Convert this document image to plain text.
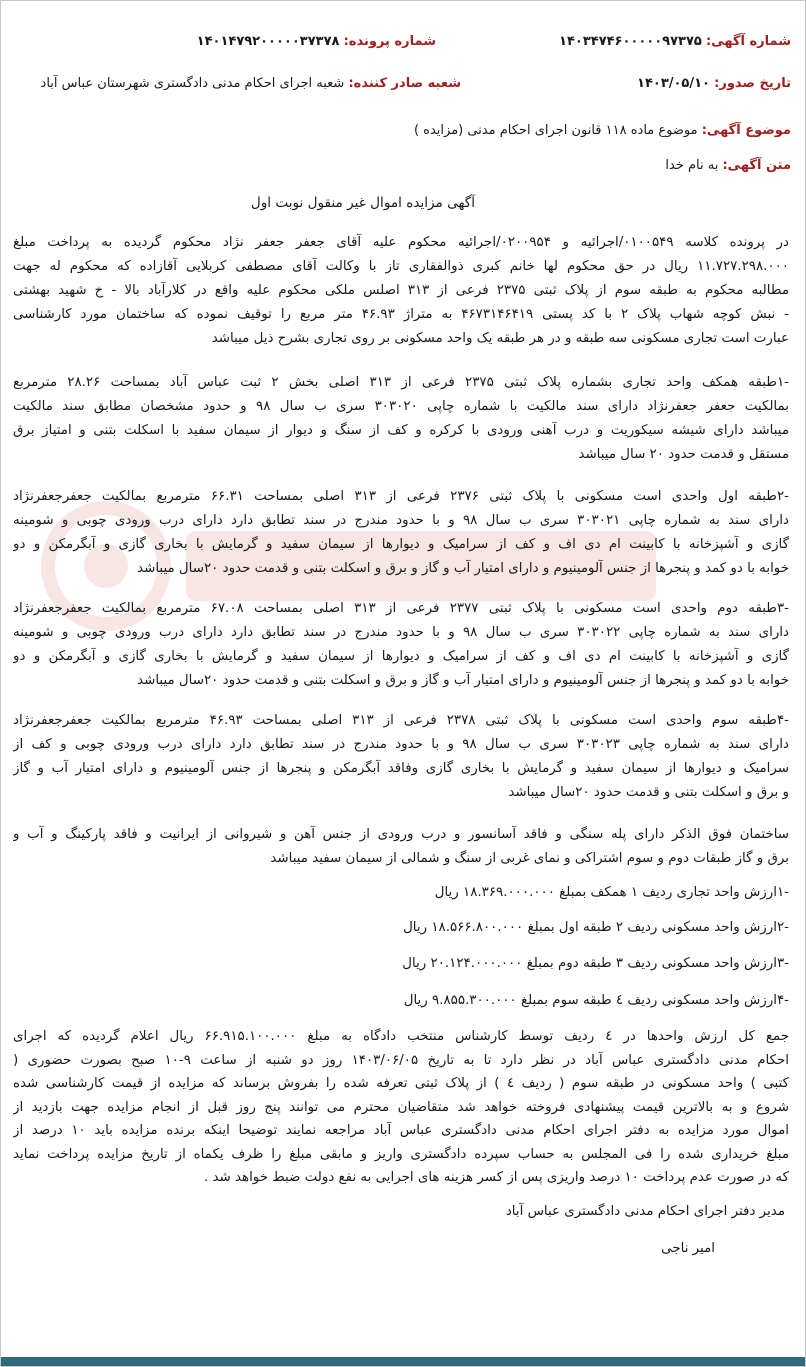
شماره آگهی: ۱۴۰۳۴۷۴۶۰۰۰۰۰۹۷۳۷۵
شماره پرونده: ۱۴۰۱۴۷۹۲۰۰۰۰۰۳۷۳۷۸
تاریخ صدور: ۱۴۰۳/۰۵/۱۰
شعبه صادر کننده: شعبه اجرای احکام مدنی دادگستری شهرستان عباس آباد
موضوع آگهی: موضوع ماده ۱۱۸ قانون اجرای احکام مدنی (مزایده )
متن آگهی: به نام خدا
آگهی مزایده اموال غیر منقول نوبت اول
در پرونده کلاسه ۰۱۰۰۵۴۹/اجرائیه و ۰۲۰۰۹۵۴/اجرائیه محکوم علیه آقای جعفر جعفر نژاد محکوم گردیده به پرداخت مبلغ
۱۱.۷۲۷.۲۹۸.۰۰۰ ریال در حق محکوم لها خانم کبری ذوالفقاری تاز با وکالت آقای مصطفی کربلایی آقازاده که محکوم له جهت
مطالبه محکوم به طبقه سوم از پلاک ثبتی ۲۳۷۵ فرعی از ۳۱۳ اصلس ملکی محکوم علیه واقع در کلارآباد بالا - خ شهید بهشتی
- نبش کوچه شهاب پلاک ۲ با کد پستی ۴۶۷۳۱۴۶۴۱۹ به متراژ ۴۶.۹۳ متر مربع را توقیف نموده که ساختمان مورد کارشناسی
عبارت است تجاری مسکونی سه طبقه و در هر طبقه یک واحد مسکونی بر روی تجاری بشرح ذیل میباشد
-۱طبقه همکف واحد تجاری بشماره پلاک ثبتی ۲۳۷۵ فرعی از ۳۱۳ اصلی بخش ۲ ثبت عباس آباد بمساحت ۲۸.۲۶ مترمربع
بمالکیت جعفر جعفرنژاد دارای سند مالکیت با شماره چاپی ۳۰۳۰۲۰ سری ب سال ۹۸ و حدود مشخصان مطابق سند مالکیت
میباشد دارای شیشه سیکوریت و درب آهنی ورودی با کرکره و کف از سنگ و دیوار از سیمان سفید با اسکلت بتنی و امتیاز برق
مستقل و قدمت حدود ۲۰ سال میباشد
-۲طبقه اول واحدی است مسکونی با پلاک ثبتی ۲۳۷۶ فرعی از ۳۱۳ اصلی بمساحت ۶۶.۳۱ مترمربع بمالکیت جعفرجعفرنژاد
دارای سند به شماره چاپی ۳۰۳۰۲۱ سری ب سال ۹۸ و با حدود مندرج در سند تطابق دارد دارای درب ورودی چوبی و شومینه
گازی و آشپزخانه با کابینت ام دی اف و کف از سرامیک و دیوارها از سیمان سفید و گرمایش با بخاری گازی و آبگرمکن و دو
خوابه با دو کمد و پنجرها از جنس آلومینیوم و دارای امتیار آب و گاز و برق و اسکلت بتنی و قدمت حدود ۲۰سال میباشد
-۳طبقه دوم واحدی است مسکونی با پلاک ثبتی ۲۳۷۷ فرعی از ۳۱۳ اصلی بمساحت ۶۷.۰۸ مترمربع بمالکیت جعفرجعفرنژاد
دارای سند به شماره چاپی ۳۰۳۰۲۲ سری ب سال ۹۸ و با حدود مندرج در سند تطابق دارد دارای درب ورودی چوبی و شومینه
گازی و آشپزخانه با کابینت ام دی اف و کف از سرامیک و دیوارها از سیمان سفید و گرمایش با بخاری گازی و آبگرمکن و دو
خوابه با دو کمد و پنجرها از جنس آلومینیوم و دارای امتیار آب و گاز و برق و اسکلت بتنی و قدمت حدود ۲۰سال میباشد
-۴طبقه سوم واحدی است مسکونی با پلاک ثبتی ۲۳۷۸ فرعی از ۳۱۳ اصلی بمساحت ۴۶.۹۳ مترمربع بمالکیت جعفرجعفرنژاد
دارای سند به شماره چاپی ۳۰۳۰۲۳ سری ب سال ۹۸ و با حدود مندرج در سند تطابق دارد دارای درب ورودی چوبی و کف از
سرامیک و دیوارها از سیمان سفید و گرمایش با بخاری گازی وفاقد آبگرمکن و پنجرها از جنس آلومینیوم و دارای امتیار آب و گاز
و برق و اسکلت بتنی و قدمت حدود ۲۰سال میباشد
ساختمان فوق الذکر دارای پله سنگی و فاقد آسانسور و درب ورودی از جنس آهن و شیروانی از ایرانیت و فاقد پارکینگ و آب و
برق و گاز طبقات دوم و سوم اشتراکی و نمای غربی از سنگ و شمالی از سیمان سفید میباشد
-۱ارزش واحد تجاری ردیف ۱ همکف بمبلغ ۱۸.۳۶۹.۰۰۰.۰۰۰ ریال
-۲ارزش واحد مسکونی ردیف ۲ طبقه اول بمبلغ ۱۸.۵۶۶.۸۰۰.۰۰۰ ریال
-۳ارزش واحد مسکونی ردیف ۳ طبقه دوم بمبلغ ۲۰.۱۲۴.۰۰۰.۰۰۰ ریال
-۴ارزش واحد مسکونی ردیف ٤ طبقه سوم بمبلغ ۹.۸۵۵.۳۰۰.۰۰۰ ریال
جمع کل ارزش واحدها در ٤ ردیف توسط کارشناس منتخب دادگاه به مبلغ ۶۶.۹۱۵.۱۰۰.۰۰۰ ریال اعلام گردیده که اجرای
احکام مدنی دادگستری عباس آباد در نظر دارد تا به تاریخ ۱۴۰۳/۰۶/۰۵ روز دو شنبه از ساعت ۹-۱۰ صبح بصورت حضوری (
کتبی ) واحد مسکونی در طبقه سوم ( ردیف ٤ ) از پلاک ثبتی تعرفه شده را بفروش برساند که مزایده از قیمت کارشناسی شده
شروع و به بالاترین قیمت پیشنهادی فروخته خواهد شد متقاضیان محترم می توانند پنج روز قبل از انجام مزایده جهت بازدید از
اموال مورد مزایده به دفتر اجرای احکام مدنی دادگستری عباس آباد مراجعه نمایند توضیحا اینکه برنده مزایده باید ۱۰ درصد از
مبلغ خریداری شده را فی المجلس به حساب سپرده دادگستری واریز و مابقی مبلغ را ظرف یکماه از تاریخ مزایده پرداخت نماید
که در صورت عدم پرداخت ۱۰ درصد واریزی پس از کسر هزینه های اجرایی به نفع دولت ضبط خواهد شد .
مدیر دفتر اجرای احکام مدنی دادگستری عباس آباد
امیر ناجی
